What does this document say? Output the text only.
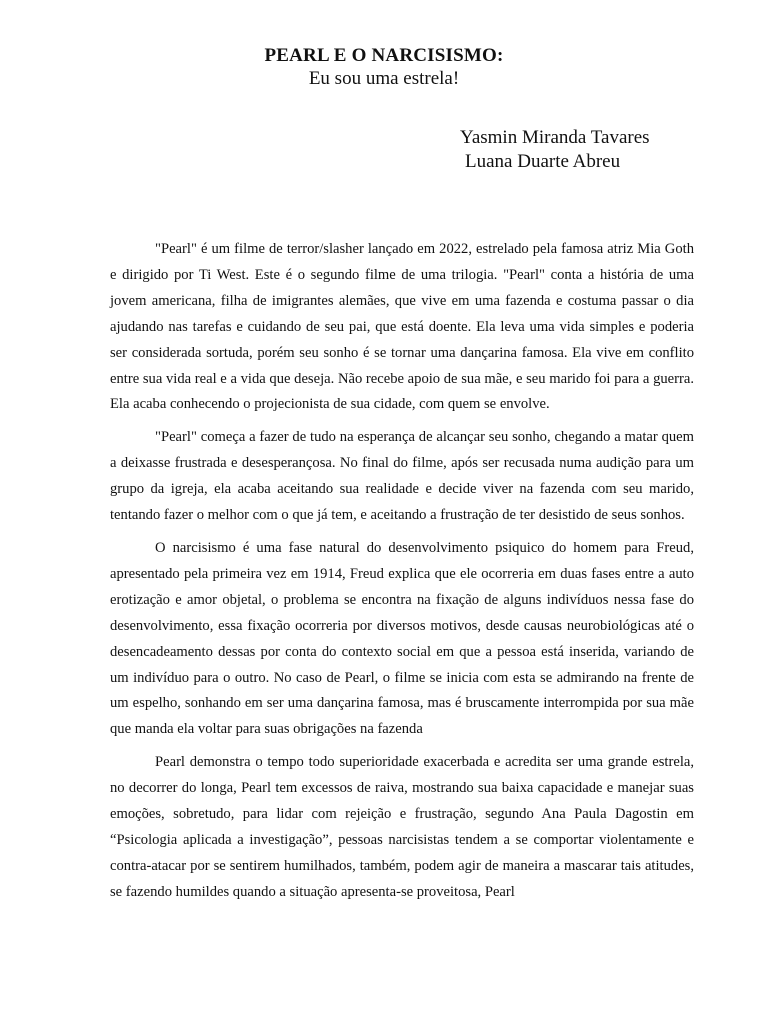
PEARL E O NARCISISMO:
Eu sou uma estrela!
Yasmin Miranda Tavares
Luana Duarte Abreu

"Pearl" é um filme de terror/slasher lançado em 2022, estrelado pela famosa atriz Mia Goth e dirigido por Ti West. Este é o segundo filme de uma trilogia. "Pearl" conta a história de uma jovem americana, filha de imigrantes alemães, que vive em uma fazenda e costuma passar o dia ajudando nas tarefas e cuidando de seu pai, que está doente. Ela leva uma vida simples e poderia ser considerada sortuda, porém seu sonho é se tornar uma dançarina famosa. Ela vive em conflito entre sua vida real e a vida que deseja. Não recebe apoio de sua mãe, e seu marido foi para a guerra. Ela acaba conhecendo o projecionista de sua cidade, com quem se envolve.

"Pearl" começa a fazer de tudo na esperança de alcançar seu sonho, chegando a matar quem a deixasse frustrada e desesperançosa. No final do filme, após ser recusada numa audição para um grupo da igreja, ela acaba aceitando sua realidade e decide viver na fazenda com seu marido, tentando fazer o melhor com o que já tem, e aceitando a frustração de ter desistido de seus sonhos.

O narcisismo é uma fase natural do desenvolvimento psiquico do homem para Freud, apresentado pela primeira vez em 1914, Freud explica que ele ocorreria em duas fases entre a auto erotização e amor objetal, o problema se encontra na fixação de alguns indivíduos nessa fase do desenvolvimento, essa fixação ocorreria por diversos motivos, desde causas neurobiológicas até o desencadeamento dessas por conta do contexto social em que a pessoa está inserida, variando de um indivíduo para o outro. No caso de Pearl, o filme se inicia com esta se admirando na frente de um espelho, sonhando em ser uma dançarina famosa, mas é bruscamente interrompida por sua mãe que manda ela voltar para suas obrigações na fazenda

Pearl demonstra o tempo todo superioridade exacerbada e acredita ser uma grande estrela, no decorrer do longa, Pearl tem excessos de raiva, mostrando sua baixa capacidade e manejar suas emoções, sobretudo, para lidar com rejeição e frustração, segundo Ana Paula Dagostin em “Psicologia aplicada a investigação”, pessoas narcisistas tendem a se comportar violentamente e contra-atacar por se sentirem humilhados, também, podem agir de maneira a mascarar tais atitudes, se fazendo humildes quando a situação apresenta-se proveitosa, Pearl
